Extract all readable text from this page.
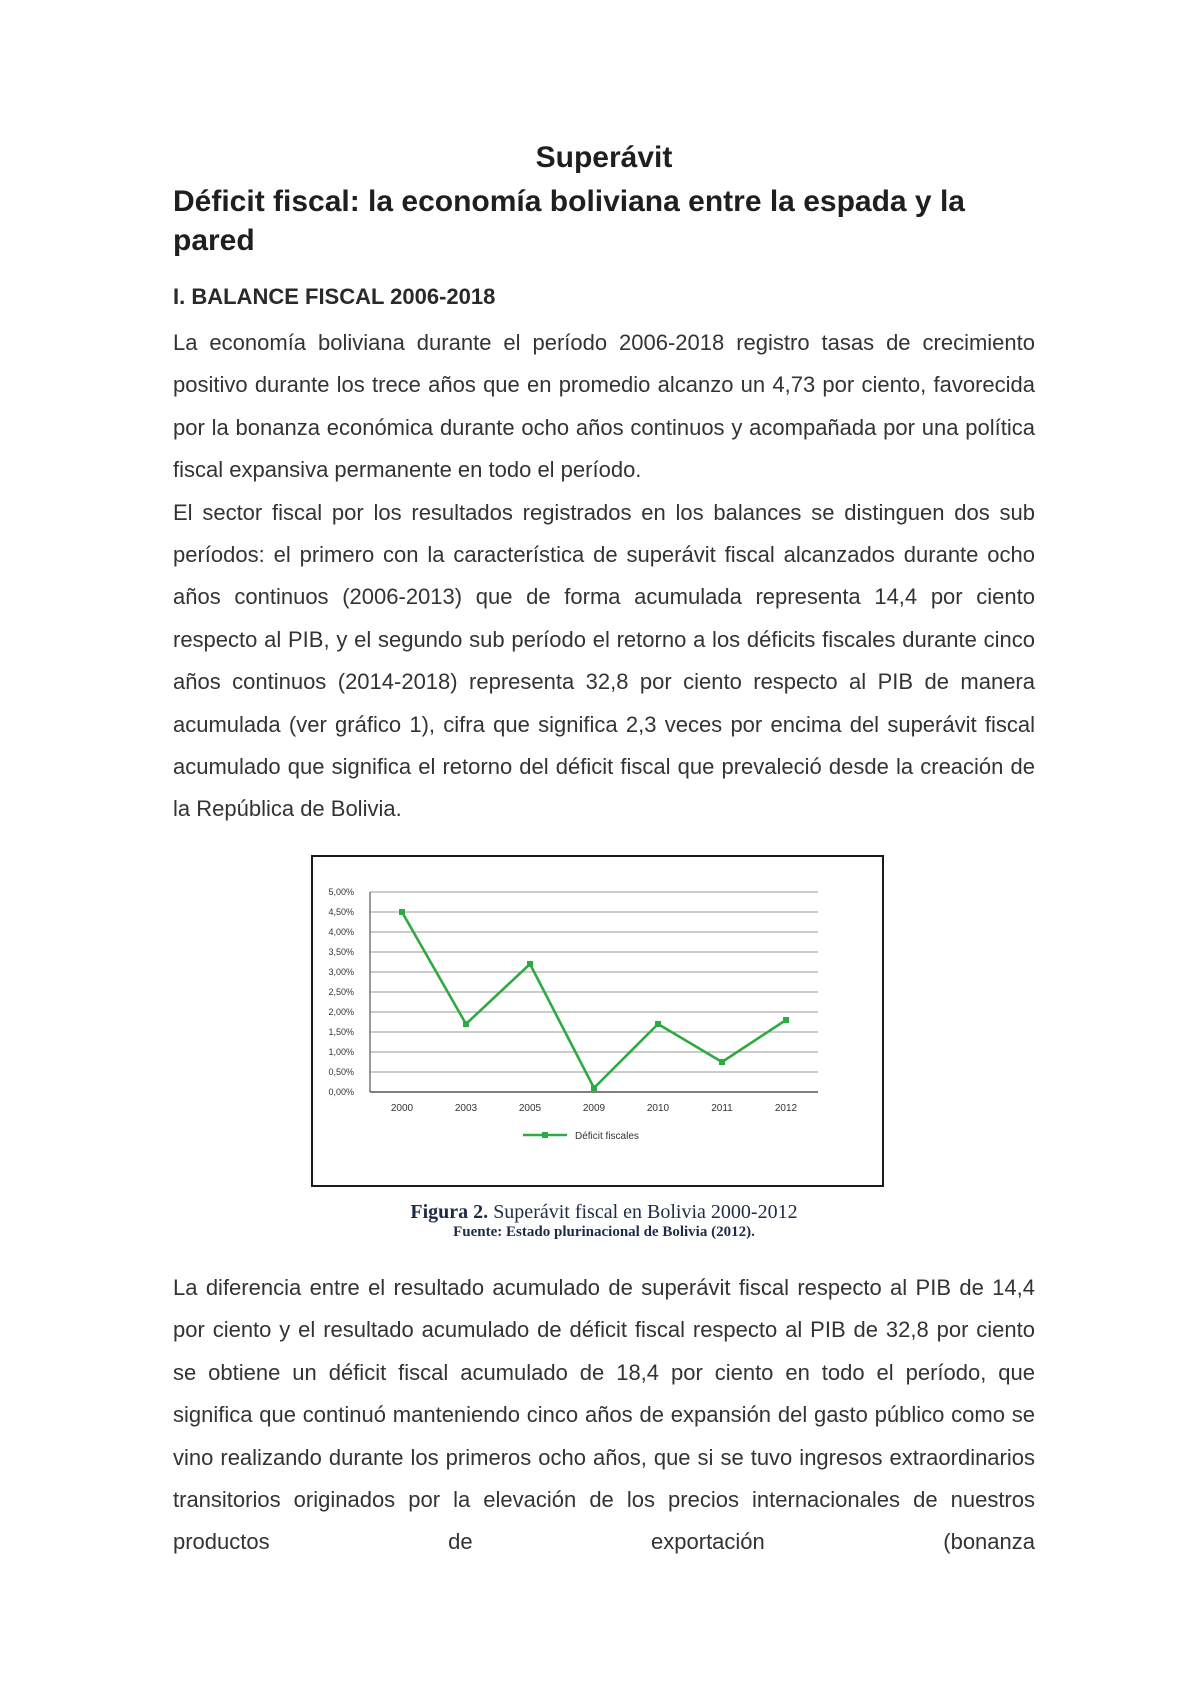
Superávit
Déficit fiscal: la economía boliviana entre la espada y la pared
I. BALANCE FISCAL 2006-2018

La economía boliviana durante el período 2006-2018 registro tasas de crecimiento positivo durante los trece años que en promedio alcanzo un 4,73 por ciento, favorecida por la bonanza económica durante ocho años continuos y acompañada por una política fiscal expansiva permanente en todo el período.

El sector fiscal por los resultados registrados en los balances se distinguen dos sub períodos: el primero con la característica de superávit fiscal alcanzados durante ocho años continuos (2006-2013) que de forma acumulada representa 14,4 por ciento respecto al PIB, y el segundo sub período el retorno a los déficits fiscales durante cinco años continuos (2014-2018) representa 32,8 por ciento respecto al PIB de manera acumulada (ver gráfico 1), cifra que significa 2,3 veces por encima del superávit fiscal acumulado que significa el retorno del déficit fiscal que prevaleció desde la creación de la República de Bolivia.

0,00%
0,50%
1,00%
1,50%
2,00%
2,50%
3,00%
3,50%
4,00%
4,50%
5,00%
2000	2003	2005	2009	2010	2011	2012
Déficit fiscales
Figura 2. Superávit fiscal en Bolivia 2000-2012
Fuente: Estado plurinacional de Bolivia (2012).

La diferencia entre el resultado acumulado de superávit fiscal respecto al PIB de 14,4 por ciento y el resultado acumulado de déficit fiscal respecto al PIB de 32,8 por ciento se obtiene un déficit fiscal acumulado de 18,4 por ciento en todo el período, que significa que continuó manteniendo cinco años de expansión del gasto público como se vino realizando durante los primeros ocho años, que si se tuvo ingresos extraordinarios transitorios originados por la elevación de los precios internacionales de nuestros productos de exportación (bonanza
